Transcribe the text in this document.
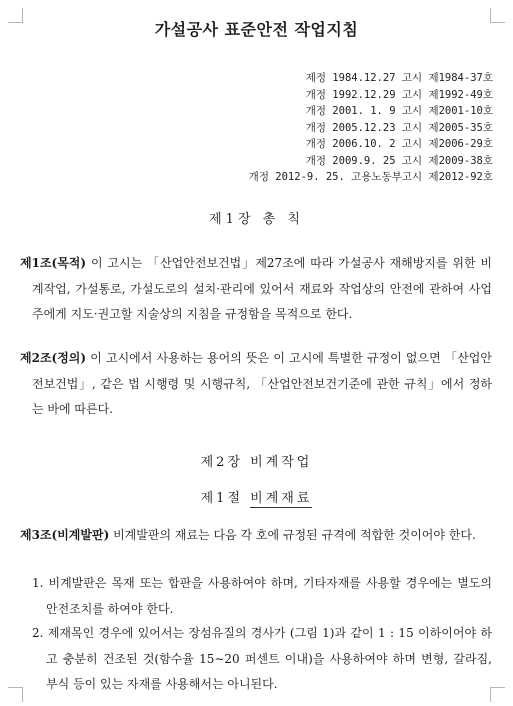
가설공사 표준안전 작업지침
제정 1984.12.27 고시 제1984-37호
개정 1992.12.29 고시 제1992-49호
개정 2001. 1. 9 고시 제2001-10호
개정 2005.12.23 고시 제2005-35호
개정 2006.10. 2 고시 제2006-29호
개정 2009.9. 25 고시 제2009-38호
개정 2012-9. 25. 고용노동부고시 제2012-92호
제1장 총 칙

제1조(목적) 이 고시는 「산업안전보건법」제27조에 따라 가설공사 재해방지를 위한 비계작업, 가설통로, 가설도로의 설치·관리에 있어서 재료와 작업상의 안전에 관하여 사업주에게 지도·권고할 지술상의 지침을 규정함을 목적으로 한다.

제2조(정의) 이 고시에서 사용하는 용어의 뜻은 이 고시에 특별한 규정이 없으면 「산업안전보건법」, 같은 법 시행령 및 시행규칙, 「산업안전보건기준에 관한 규칙」에서 정하는 바에 따른다.

제2장 비계작업
제1절 비계재료

제3조(비계발판) 비계발판의 재료는 다음 각 호에 규정된 규격에 적합한 것이어야 한다.

1. 비계발판은 목재 또는 합판을 사용하여야 하며, 기타자재를 사용할 경우에는 별도의 안전조치를 하여야 한다.

2. 제재목인 경우에 있어서는 장섬유질의 경사가 (그림 1)과 같이 1 : 15 이하이어야 하고 충분히 건조된 것(함수율 15∼20 퍼센트 이내)을 사용하여야 하며 변형, 갈라짐, 부식 등이 있는 자재를 사용해서는 아니된다.
